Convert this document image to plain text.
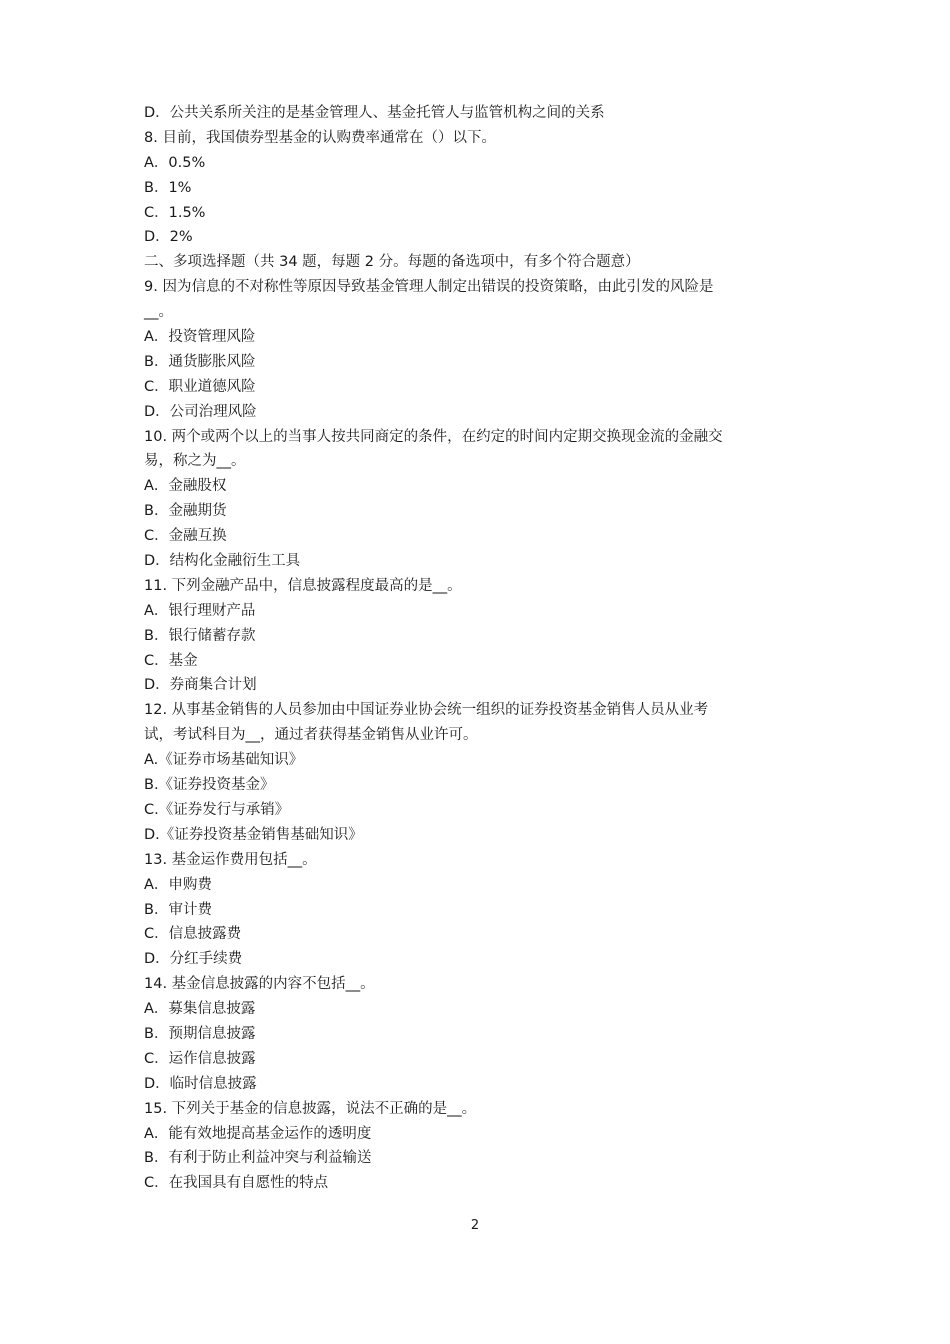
D．公共关系所关注的是基金管理人、基金托管人与监管机构之间的关系
8. 目前，我国债券型基金的认购费率通常在（）以下。
A．0.5%
B．1%
C．1.5%
D．2%
二、多项选择题（共 34 题，每题 2 分。每题的备选项中，有多个符合题意）
9. 因为信息的不对称性等原因导致基金管理人制定出错误的投资策略，由此引发的风险是
__。
A．投资管理风险
B．通货膨胀风险
C．职业道德风险
D．公司治理风险
10. 两个或两个以上的当事人按共同商定的条件，在约定的时间内定期交换现金流的金融交
易，称之为__。
A．金融股权
B．金融期货
C．金融互换
D．结构化金融衍生工具
11. 下列金融产品中，信息披露程度最高的是__。
A．银行理财产品
B．银行储蓄存款
C．基金
D．券商集合计划
12. 从事基金销售的人员参加由中国证券业协会统一组织的证券投资基金销售人员从业考
试，考试科目为__，通过者获得基金销售从业许可。
A.《证券市场基础知识》
B.《证券投资基金》
C.《证券发行与承销》
D.《证券投资基金销售基础知识》
13. 基金运作费用包括__。
A．申购费
B．审计费
C．信息披露费
D．分红手续费
14. 基金信息披露的内容不包括__。
A．募集信息披露
B．预期信息披露
C．运作信息披露
D．临时信息披露
15. 下列关于基金的信息披露，说法不正确的是__。
A．能有效地提高基金运作的透明度
B．有利于防止利益冲突与利益输送
C．在我国具有自愿性的特点
2
